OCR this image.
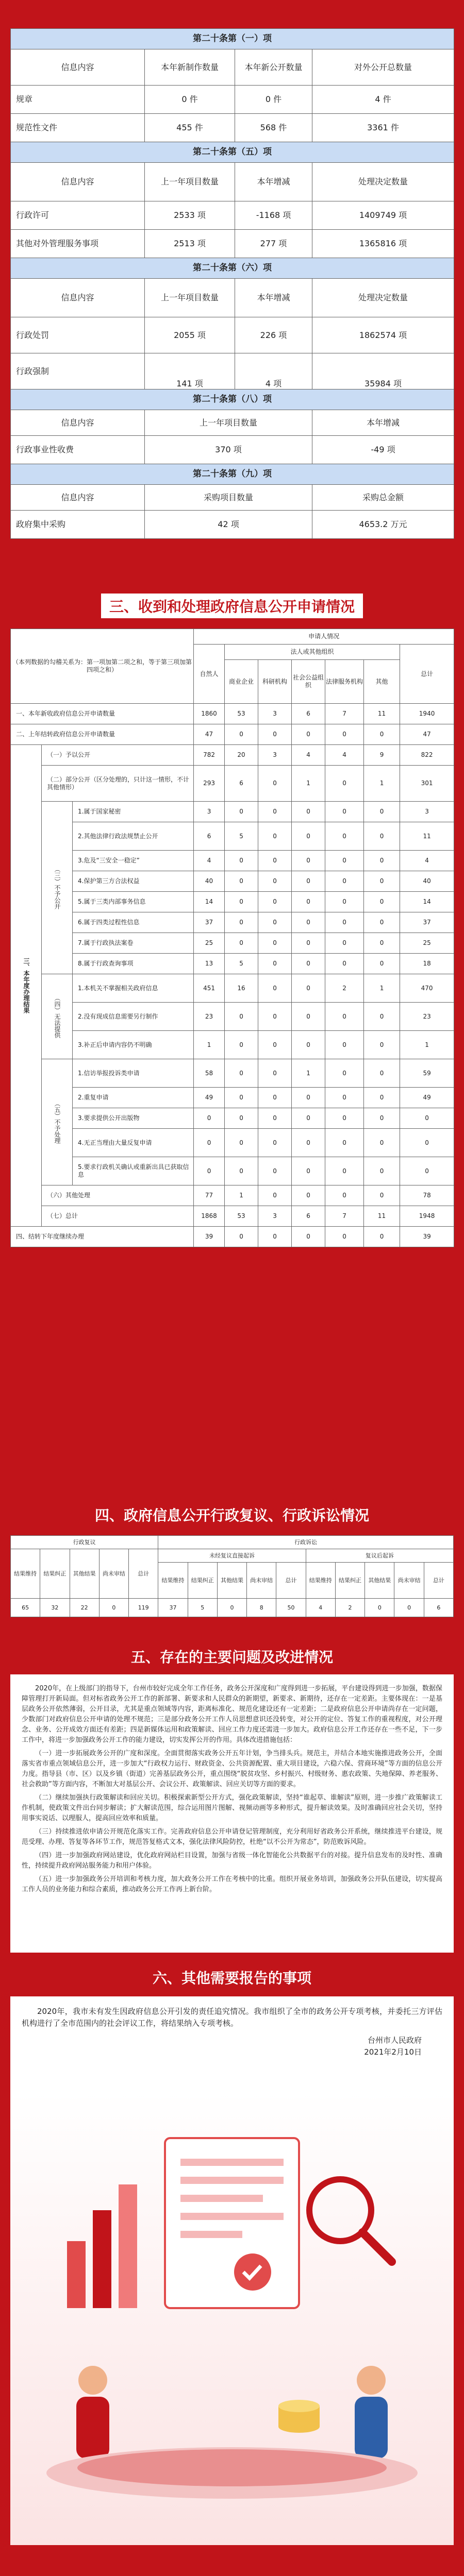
第二十条第（一）项			
信息内容	本年新制作数量	本年新公开数量	对外公开总数量
规章	0 件	0 件	4 件
规范性文件	455 件	568 件	3361 件
第二十条第（五）项			
信息内容	上一年项目数量	本年增减	处理决定数量
行政许可	2533 项	-1168 项	1409749 项
其他对外管理服务事项	2513 项	277 项	1365816 项
第二十条第（六）项			
信息内容	上一年项目数量	本年增减	处理决定数量
行政处罚	2055 项	226 项	1862574 项
行政强制	141 项	4 项	35984 项
第二十条第（八）项			
信息内容	上一年项目数量		本年增减
行政事业性收费	370 项		-49 项
第二十条第（九）项			
信息内容	采购项目数量		采购总金额
政府集中采购	42 项		4653.2 万元
三、收到和处理政府信息公开申请情况
（本列数据的勾稽关系为：第一项加第二项之和，等于第三项加第四项之和）			申请人情况						
			自然人	法人或其他组织					总计
				商业企业	科研机构	社会公益组织	法律服务机构	其他	
一、本年新收政府信息公开申请数量			1860	53	3	6	7	11	1940
二、上年结转政府信息公开申请数量			47	0	0	0	0	0	47
三、本年度办理结果	（一）予以公开		782	20	3	4	4	9	822
	（二）部分公开（区分处理的，只计这一情形，不计其他情形）		293	6	0	1	0	1	301
	（三）不予公开	1.属于国家秘密	3	0	0	0	0	0	3
		2.其他法律行政法规禁止公开	6	5	0	0	0	0	11
		3.危及“三安全一稳定”	4	0	0	0	0	0	4
		4.保护第三方合法权益	40	0	0	0	0	0	40
		5.属于三类内部事务信息	14	0	0	0	0	0	14
		6.属于四类过程性信息	37	0	0	0	0	0	37
		7.属于行政执法案卷	25	0	0	0	0	0	25
		8.属于行政查询事项	13	5	0	0	0	0	18
	（四）无法提供	1.本机关不掌握相关政府信息	451	16	0	0	2	1	470
		2.没有现成信息需要另行制作	23	0	0	0	0	0	23
		3.补正后申请内容仍不明确	1	0	0	0	0	0	1
	（五）不予处理	1.信访举报投诉类申请	58	0	0	1	0	0	59
		2.重复申请	49	0	0	0	0	0	49
		3.要求提供公开出版物	0	0	0	0	0	0	0
		4.无正当理由大量反复申请	0	0	0	0	0	0	0
		5.要求行政机关确认或重新出具已获取信息	0	0	0	0	0	0	0
	（六）其他处理		77	1	0	0	0	0	78
	（七）总计		1868	53	3	6	7	11	1948
四、结转下年度继续办理			39	0	0	0	0	0	39
四、政府信息公开行政复议、行政诉讼情况
行政复议					行政诉讼									
结果维持	结果纠正	其他结果	尚未审结	总计	未经复议直接起诉					复议后起诉				
					结果维持	结果纠正	其他结果	尚未审结	总计	结果维持	结果纠正	其他结果	尚未审结	总计
65	32	22	0	119	37	5	0	8	50	4	2	0	0	6
五、存在的主要问题及改进情况

2020年，在上级部门的指导下，台州市较好完成全年工作任务，政务公开深度和广度得到进一步拓展，平台建设得到进一步加强，数据保障管理打开新局面。但对标省政务公开工作的新部署、新要求和人民群众的新期望，新要求、新期待，还存在一定差距。主要体现在：一是基层政务公开依然薄弱，公开目录，尤其是重点领域等内容，距离标准化、规范化建设还有一定差距；二是政府信息公开申请尚存在一定问题，少数部门对政府信息公开申请的处理不规范；三是部分政务公开工作人员思想意识还没转变，对公开的定位、答复工作的重视程度，对公开理念、业务、公开成效方面还有差距；四是新媒体运用和政策解读、回应工作力度还需进一步加大。政府信息公开工作还存在一些不足，下一步工作中，将进一步加强政务公开工作的能力建设，切实发挥公开的作用。具体改进措施包括：

（一）进一步拓展政务公开的广度和深度。全面贯彻落实政务公开五年计划，争当排头兵。规范主，并结合本地实施推进政务公开，全面落实省市重点领域信息公开，进一步加大“行政权力运行、财政资金、公共资源配置、重大项目建设，六稳六保、营商环境”等方面的信息公开力度。指导县（市、区）以及乡镇（街道）完善基层政务公开，重点围绕“脱贫攻坚、乡村振兴、村级财务、惠农政策、失地保障、养老服务、社会救助”等方面内容，不断加大对基层公开、会议公开、政策解读、回应关切等方面的要求。

（二）继续加强执行政策解读和回应关切。积极探索新型公开方式，强化政策解读，坚持“谁起草、谁解读”原则，进一步推广政策解读工作机制，使政策文件出台同步解读；扩大解读范围，综合运用图片图解、视频动画等多种形式，提升解读效果。及时准确回应社会关切，坚持用事实说话、以理服人，提高回应效率和质量。

（三）持续推进依申请公开规范化落实工作。完善政府信息公开申请登记管理制度，充分利用好省政务公开系统，继续推进平台建设，规范受理、办理、答复等各环节工作，规范答复格式文本，强化法律风险防控，杜绝“以不公开为常态”，防范败诉风险。

（四）进一步加强政府网站建设，优化政府网站栏目设置，加强与省级一体化智能化公共数据平台的对接。提升信息发布的及时性、准确性，持续提升政府网站服务能力和用户体验。

（五）进一步加强政务公开培训和考核力度，加大政务公开工作在考核中的比重。组织开展业务培训，加强政务公开队伍建设，切实提高工作人员的业务能力和综合素质，推动政务公开工作再上新台阶。

六、其他需要报告的事项

2020年，我市未有发生因政府信息公开引发的责任追究情况。我市组织了全市的政务公开专项考核，并委托三方评估机构进行了全市范围内的社会评议工作，将结果纳入专项考核。

台州市人民政府
2021年2月10日
